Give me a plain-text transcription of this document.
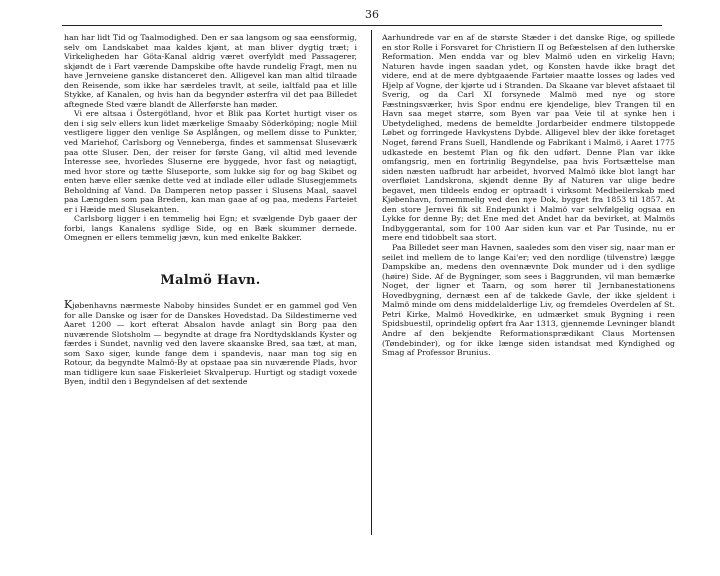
36

han har lidt Tid og Taalmodighed. Den er saa langsom og saa eensformig, selv om Landskabet maa kaldes kjønt, at man bliver dygtig træt; i Virkeligheden har Göta-Kanal aldrig været overfyldt med Passagerer, skjøndt de i Fart værende Dampskibe ofte havde rundelig Fragt, men nu have Jernveiene ganske distanceret den. Alligevel kan man altid tilraade den Reisende, som ikke har særdeles travlt, at seile, ialtfald paa et lille Stykke, af Kanalen, og hvis han da begynder østerfra vil det paa Billedet aftegnede Sted være blandt de Allerførste han møder.

Vi ere altsaa i Östergötland, hvor et Blik paa Kortet hurtigt viser os den i sig selv ellers kun lidet mærkelige Smaaby Söderköping; nogle Miil vestligere ligger den venlige Sø Asplången, og mellem disse to Punkter, ved Mariehof, Carlsborg og Venneberga, findes et sammensat Sluseværk paa otte Sluser. Den, der reiser for første Gang, vil altid med levende Interesse see, hvorledes Sluserne ere byggede, hvor fast og nøiagtigt, med hvor store og tætte Sluseporte, som lukke sig for og bag Skibet og enten hæve eller sænke dette ved at indlade eller udlade Slusegjemmets Beholdning af Vand. Da Damperen netop passer i Slusens Maal, saavel paa Længden som paa Breden, kan man gaae af og paa, medens Farteiet er i Hæide med Slusekanten.

Carlsborg ligger i en temmelig høi Egn; et svælgende Dyb gaaer der forbi, langs Kanalens sydlige Side, og en Bæk skummer dernede. Omegnen er ellers temmelig jævn, kun med enkelte Bakker.

Malmö Havn.

Kjøbenhavns nærmeste Naboby hinsides Sundet er en gammel god Ven for alle Danske og især for de Danskes Hovedstad. Da Sildestimerne ved Aaret 1200 — kort efterat Absalon havde anlagt sin Borg paa den nuværende Slotsholm — begyndte at drage fra Nordtydsklands Kyster og færdes i Sundet, navnlig ved den lavere skaanske Bred, saa tæt, at man, som Saxo siger, kunde fange dem i spandevis, naar man tog sig en Rotour, da begyndte Malmö-By at opstaae paa sin nuværende Plads, hvor man tidligere kun saae Fiskerleiet Skvalperup. Hurtigt og stadigt voxede Byen, indtil den i Begyndelsen af det sextende

Aarhundrede var en af de største Stæder i det danske Rige, og spillede en stor Rolle i Forsvaret for Christiern II og Befæstelsen af den lutherske Reformation. Men endda var og blev Malmö uden en virkelig Havn; Naturen havde ingen saadan ydet, og Konsten havde ikke bragt det videre, end at de mere dybtgaaende Fartøier maatte losses og lades ved Hjelp af Vogne, der kjørte ud i Stranden. Da Skaane var blevet afstaaet til Sverig, og da Carl XI forsynede Malmö med nye og store Fæstningsværker, hvis Spor endnu ere kjendelige, blev Trangen til en Havn saa meget større, som Byen var paa Veie til at synke hen i Ubetydelighed, medens de bemeldte Jordarbeider endmere tilstoppede Løbet og forringede Havkystens Dybde. Alligevel blev der ikke foretaget Noget, førend Frans Suell, Handlende og Fabrikant i Malmö, i Aaret 1775 udkastede en bestemt Plan og fik den udført. Denne Plan var ikke omfangsrig, men en fortrinlig Begyndelse, paa hvis Fortsættelse man siden næsten uafbrudt har arbeidet, hvorved Malmö ikke blot langt har overfløiet Landskrona, skjøndt denne By af Naturen var ulige bedre begavet, men tildeels endog er optraadt i virksomt Medbeilerskab med Kjøbenhavn, fornemmelig ved den nye Dok, bygget fra 1853 til 1857. At den store Jernvei fik sit Endepunkt i Malmö var selvfølgelig ogsaa en Lykke for denne By; det Ene med det Andet har da bevirket, at Malmös Indbyggerantal, som for 100 Aar siden kun var et Par Tusinde, nu er mere end tidobbelt saa stort.

Paa Billedet seer man Havnen, saaledes som den viser sig, naar man er seilet ind mellem de to lange Kai'er; ved den nordlige (tilvenstre) lægge Dampskibe an, medens den ovennævnte Dok munder ud i den sydlige (høire) Side. Af de Bygninger, som sees i Baggrunden, vil man bemærke Noget, der ligner et Taarn, og som hører til Jernbanestationens Hovedbygning, dernæst een af de takkede Gavle, der ikke sjeldent i Malmö minde om dens middelalderlige Liv, og fremdeles Overdelen af St. Petri Kirke, Malmö Hovedkirke, en udmærket smuk Bygning i reen Spidsbuestil, oprindelig opført fra Aar 1313, gjennemde Levninger blandt Andre af den bekjendte Reformationsprædikant Claus Mortensen (Tøndebinder), og for ikke længe siden istandsat med Kyndighed og Smag af Professor Brunius.
